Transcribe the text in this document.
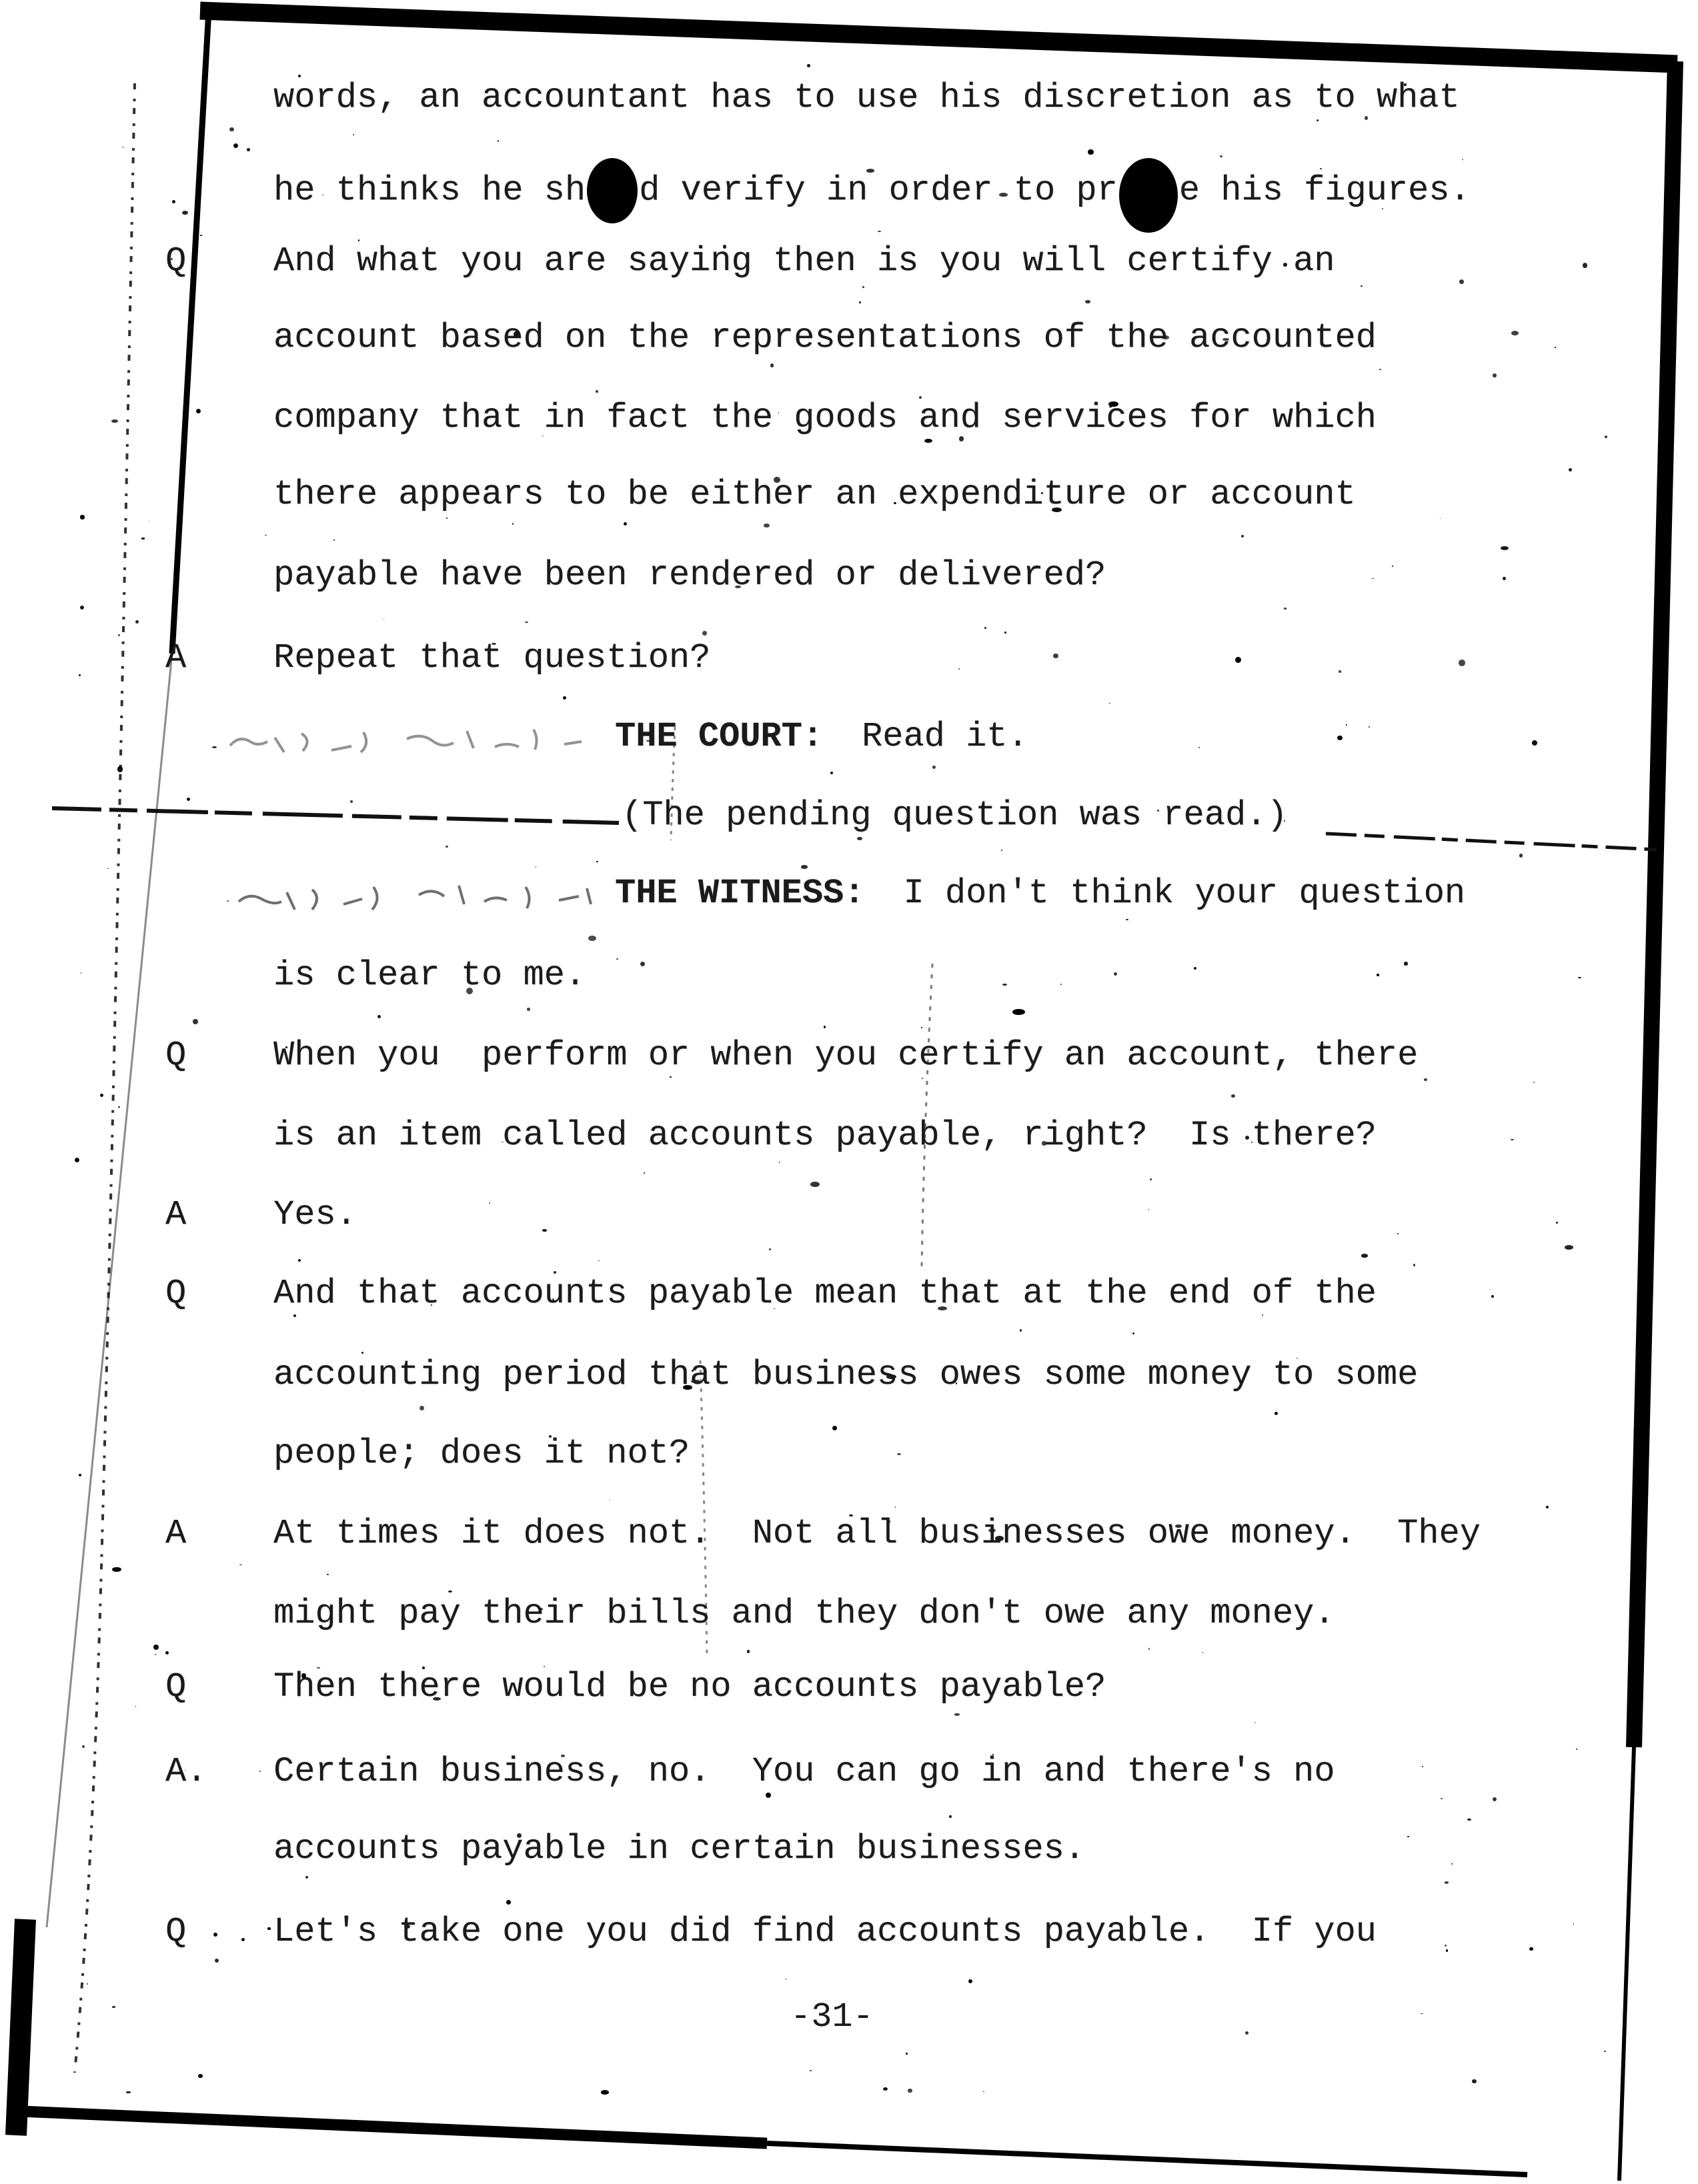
words, an accountant has to use his discretion as to what
he thinks he sh d verify in order to pr e his figures.
Q	And what you are saying then is you will certify an
account based on the representations of the accounted
company that in fact the goods and services for which
there appears to be either an expenditure or account
payable have been rendered or delivered?
A	Repeat that question?
THE COURT: Read it.
(The pending question was read.)
THE WITNESS: I don't think your question
is clear to me.
Q	When you  perform or when you certify an account, there
is an item called accounts payable, right?  Is there?
A	Yes.
Q	And that accounts payable mean that at the end of the
accounting period that business owes some money to some
people; does it not?
A	At times it does not.  Not all businesses owe money.  They
might pay their bills and they don't owe any money.
Q	Then there would be no accounts payable?
A. Certain business, no.  You can go in and there's no
accounts payable in certain businesses.
Q	Let's take one you did find accounts payable.  If you
-31-
